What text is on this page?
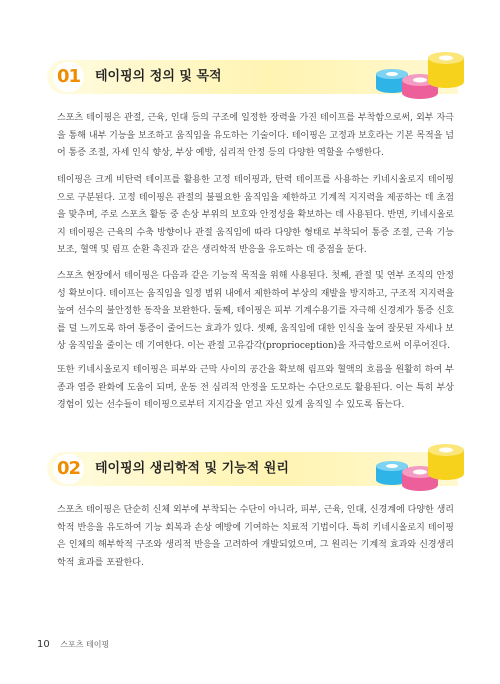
01	테이핑의 정의 및 목적

스포츠 테이핑은 관절, 근육, 인대 등의 구조에 일정한 장력을 가진 테이프를 부착함으로써, 외부 자극을 통해 내부 기능을 보조하고 움직임을 유도하는 기술이다. 테이핑은 고정과 보호라는 기본 목적을 넘어 통증 조절, 자세 인식 향상, 부상 예방, 심리적 안정 등의 다양한 역할을 수행한다.

테이핑은 크게 비탄력 테이프를 활용한 고정 테이핑과, 탄력 테이프를 사용하는 키네시올로지 테이핑으로 구분된다. 고정 테이핑은 관절의 불필요한 움직임을 제한하고 기계적 지지력을 제공하는 데 초점을 맞추며, 주로 스포츠 활동 중 손상 부위의 보호와 안정성을 확보하는 데 사용된다. 반면, 키네시올로지 테이핑은 근육의 수축 방향이나 관절 움직임에 따라 다양한 형태로 부착되어 통증 조절, 근육 기능 보조, 혈액 및 림프 순환 촉진과 같은 생리학적 반응을 유도하는 데 중점을 둔다.

스포츠 현장에서 테이핑은 다음과 같은 기능적 목적을 위해 사용된다. 첫째, 관절 및 연부 조직의 안정성 확보이다. 테이프는 움직임을 일정 범위 내에서 제한하여 부상의 재발을 방지하고, 구조적 지지력을 높여 선수의 불안정한 동작을 보완한다. 둘째, 테이핑은 피부 기계수용기를 자극해 신경계가 통증 신호를 덜 느끼도록 하여 통증이 줄어드는 효과가 있다. 셋째, 움직임에 대한 인식을 높여 잘못된 자세나 보상 움직임을 줄이는 데 기여한다. 이는 관절 고유감각(proprioception)을 자극함으로써 이루어진다.

또한 키네시올로지 테이핑은 피부와 근막 사이의 공간을 확보해 림프와 혈액의 흐름을 원활히 하여 부종과 염증 완화에 도움이 되며, 운동 전 심리적 안정을 도모하는 수단으로도 활용된다. 이는 특히 부상 경험이 있는 선수들이 테이핑으로부터 지지감을 얻고 자신 있게 움직일 수 있도록 돕는다.

02	테이핑의 생리학적 및 기능적 원리

스포츠 테이핑은 단순히 신체 외부에 부착되는 수단이 아니라, 피부, 근육, 인대, 신경계에 다양한 생리학적 반응을 유도하여 기능 회복과 손상 예방에 기여하는 치료적 기법이다. 특히 키네시올로지 테이핑은 인체의 해부학적 구조와 생리적 반응을 고려하여 개발되었으며, 그 원리는 기계적 효과와 신경생리학적 효과를 포괄한다.

10 스포츠 테이핑
